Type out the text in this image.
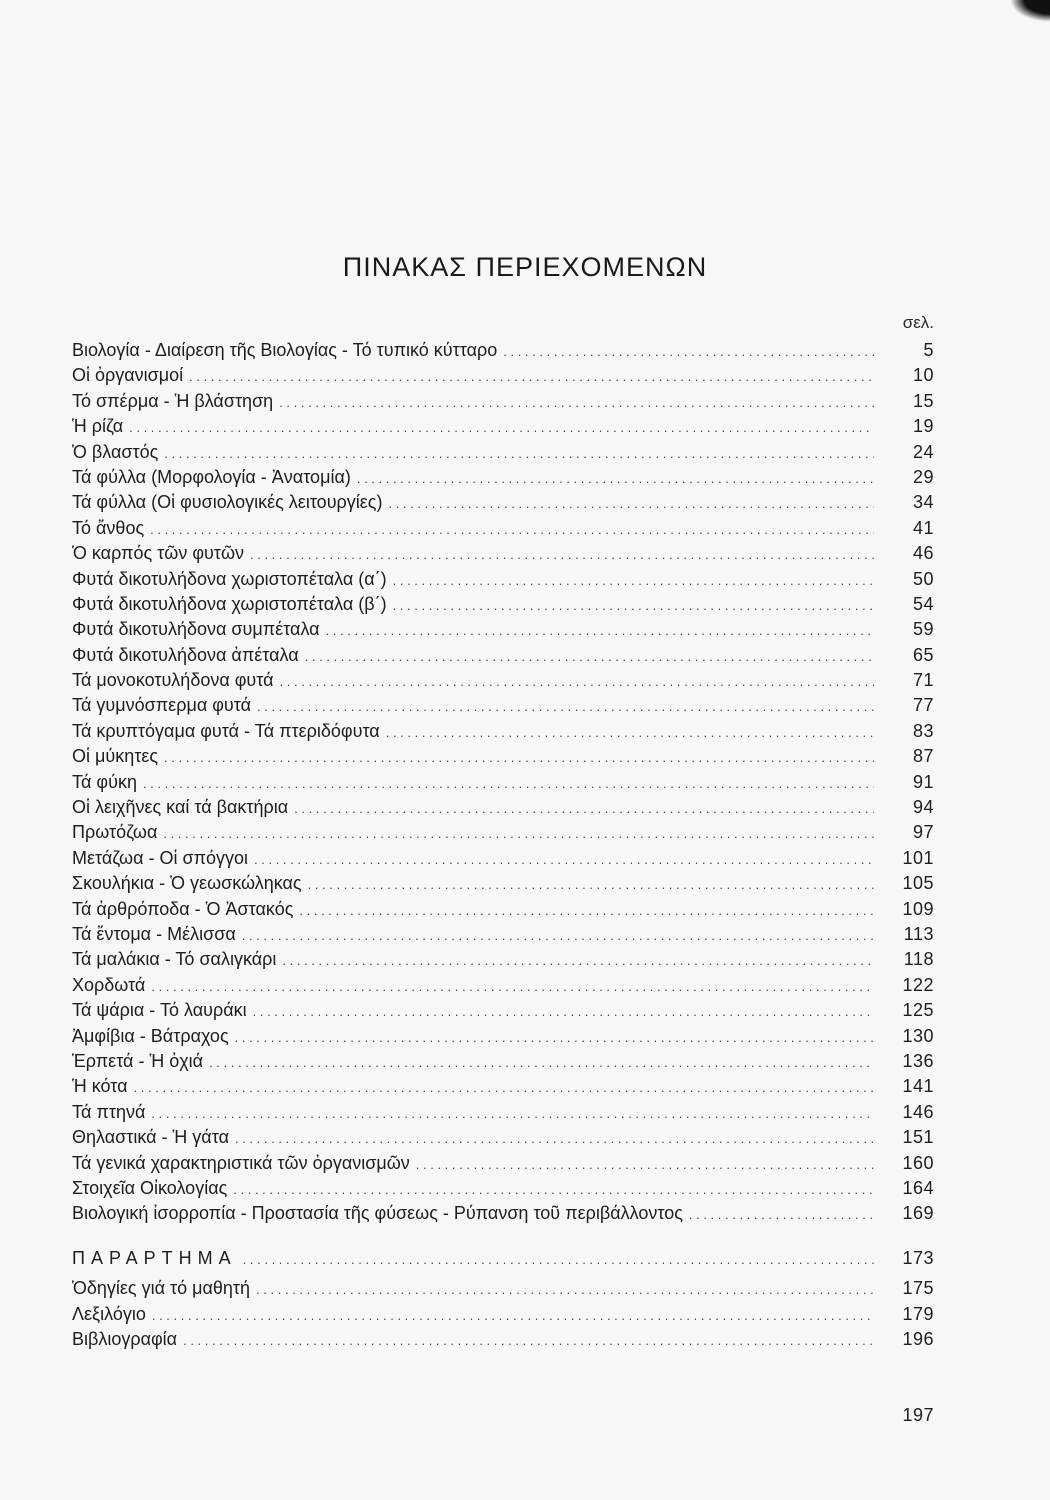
ΠΙΝΑΚΑΣ ΠΕΡΙΕΧΟΜΕΝΩΝ
σελ.
Βιολογία - Διαίρεση τῆς Βιολογίας - Τό τυπικό κύτταρο . . .	5
Οἱ ὀργανισμοί . . .	10
Τό σπέρμα - Ἡ βλάστηση . . .	15
Ἡ ρίζα . . .	19
Ὁ βλαστός . . .	24
Τά φύλλα (Μορφολογία - Ἀνατομία) . . .	29
Τά φύλλα (Οἱ φυσιολογικές λειτουργίες) . . .	34
Τό ἄνθος . . .	41
Ὁ καρπός τῶν φυτῶν . . .	46
Φυτά δικοτυλήδονα χωριστοπέταλα (α΄) . . .	50
Φυτά δικοτυλήδονα χωριστοπέταλα (β΄) . . .	54
Φυτά δικοτυλήδονα συμπέταλα . . .	59
Φυτά δικοτυλήδονα ἀπέταλα . . .	65
Τά μονοκοτυλήδονα φυτά . . .	71
Τά γυμνόσπερμα φυτά . . .	77
Τά κρυπτόγαμα φυτά - Τά πτεριδόφυτα . . .	83
Οἱ μύκητες . . .	87
Τά φύκη . . .	91
Οἱ λειχῆνες καί τά βακτήρια . . .	94
Πρωτόζωα . . .	97
Μετάζωα - Οἱ σπόγγοι . . .	101
Σκουλήκια - Ὁ γεωσκώληκας . . .	105
Τά ἀρθρόποδα - Ὁ Ἀστακός . . .	109
Τά ἔντομα - Μέλισσα . . .	113
Τά μαλάκια - Τό σαλιγκάρι . . .	118
Χορδωτά . . .	122
Τά ψάρια - Τό λαυράκι . . .	125
Ἀμφίβια - Βάτραχος . . .	130
Ἑρπετά - Ἡ ὀχιά . . .	136
Ἡ κότα . . .	141
Τά πτηνά . . .	146
Θηλαστικά - Ἡ γάτα . . .	151
Τά γενικά χαρακτηριστικά τῶν ὀργανισμῶν . . .	160
Στοιχεῖα Οἰκολογίας . . .	164
Βιολογική ἰσορροπία - Προστασία τῆς φύσεως - Ρύπανση τοῦ περιβάλλοντος . . .	169
ΠΑΡΑΡΤΗΜΑ . . .	173
Ὁδηγίες γιά τό μαθητή . . .	175
Λεξιλόγιο . . .	179
Βιβλιογραφία . . .	196
197
